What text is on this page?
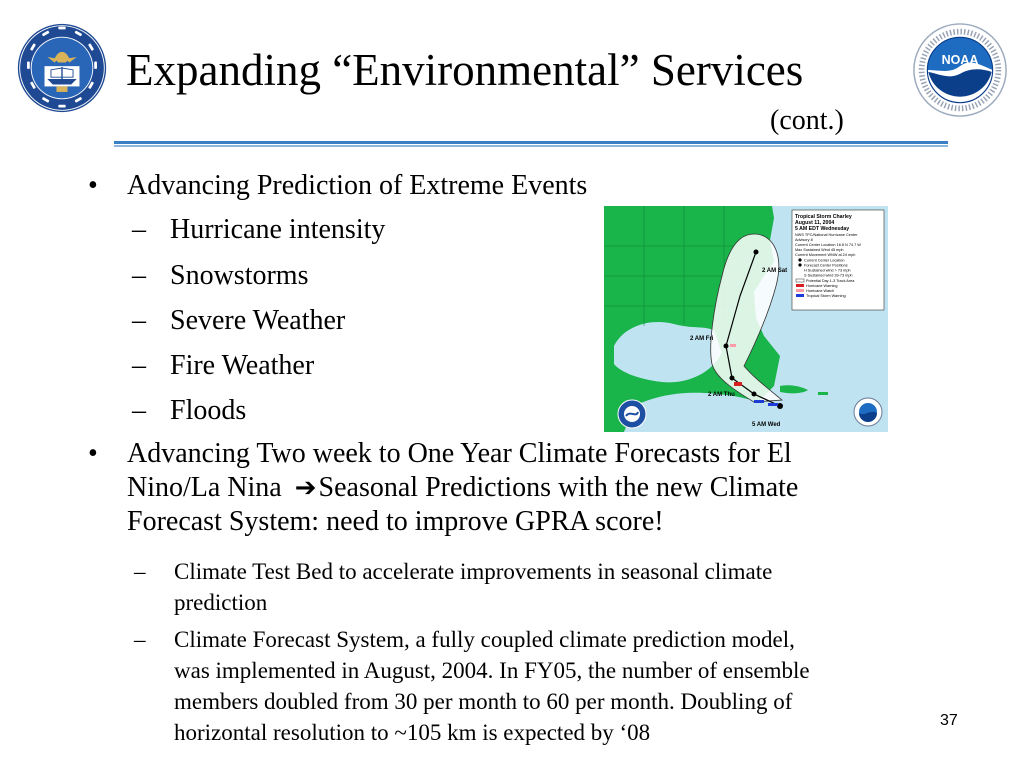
NOAA
Expanding “Environmental” Services
(cont.)
• Advancing Prediction of Extreme Events
– Hurricane intensity
– Snowstorms
– Severe Weather
– Fire Weather
– Floods
2 AM Sat
2 AM Fri
2 AM Thu
5 AM Wed
Tropical Storm Charley
August 11, 2004
5 AM EDT Wednesday
NWS TPC/National Hurricane Center
Advisory 8
Current Center Location 16.8 N 74.7 W
Max Sustained Wind 45 mph
Current Movement WNW at 24 mph
Current Center Location
Forecast Center Positions
H Sustained wind > 73 mph
S Sustained wind 39-73 mph
Potential Day 1-3 Track Area
Hurricane Warning
Hurricane Watch
Tropical Storm Warning
• Advancing Two week to One Year Climate Forecasts for El
Nino/La Nina ➔Seasonal Predictions with the new Climate
Forecast System: need to improve GPRA score!
– Climate Test Bed to accelerate improvements in seasonal climate
prediction
– Climate Forecast System, a fully coupled climate prediction model,
was implemented in August, 2004. In FY05, the number of ensemble
members doubled from 30 per month to 60 per month. Doubling of
horizontal resolution to ~105 km is expected by ‘08	37
